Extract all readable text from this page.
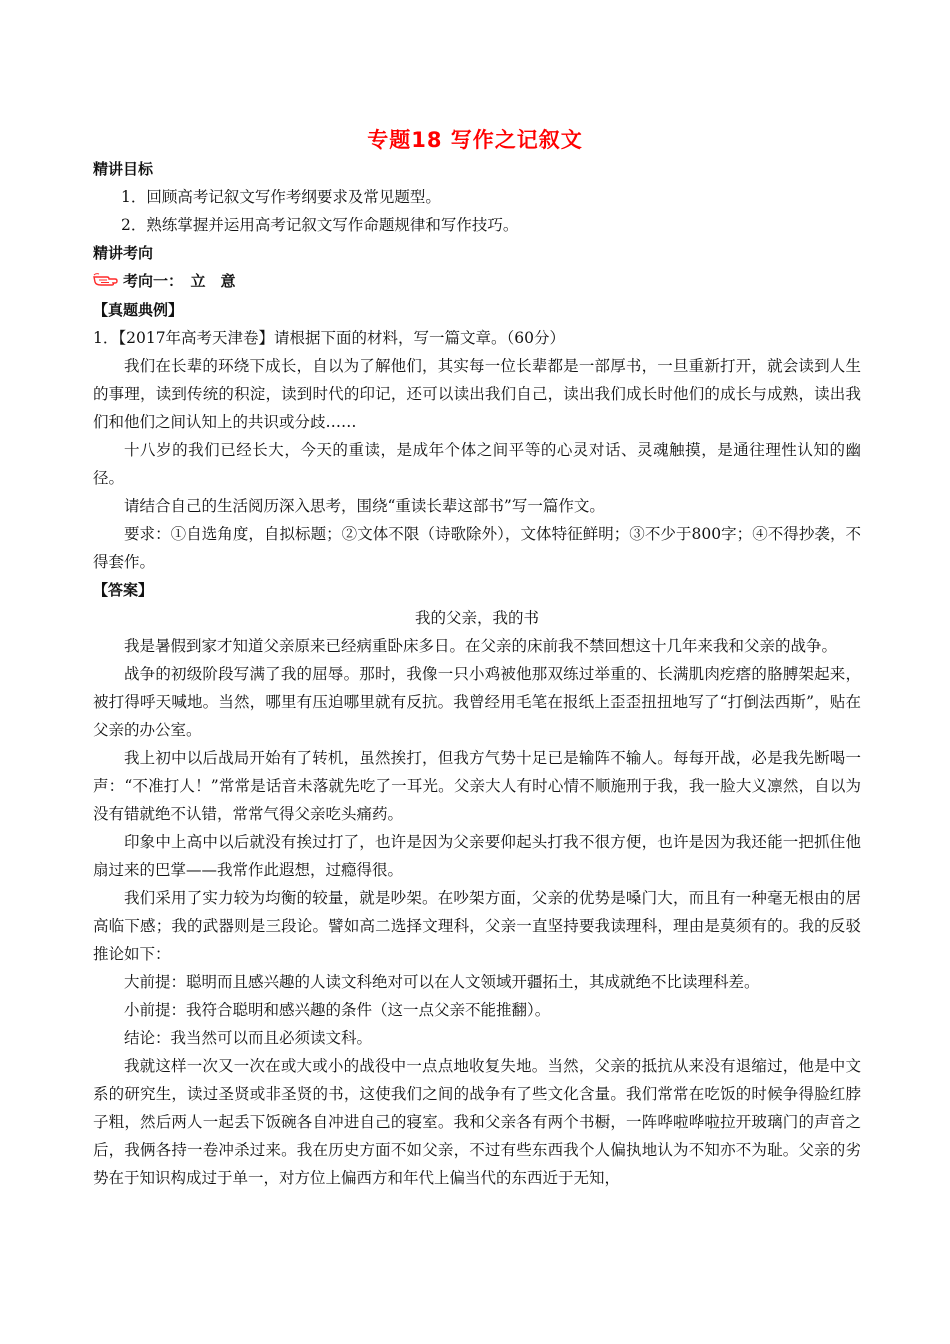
专题18 写作之记叙文
精讲目标
1．回顾高考记叙文写作考纲要求及常见题型。
2．熟练掌握并运用高考记叙文写作命题规律和写作技巧。
精讲考向
考向一：　立　意
【真题典例】
1．【2017年高考天津卷】请根据下面的材料，写一篇文章。（60分）

我们在长辈的环绕下成长，自以为了解他们，其实每一位长辈都是一部厚书，一旦重新打开，就会读到人生的事理，读到传统的积淀，读到时代的印记，还可以读出我们自己，读出我们成长时他们的成长与成熟，读出我们和他们之间认知上的共识或分歧……

十八岁的我们已经长大，今天的重读，是成年个体之间平等的心灵对话、灵魂触摸，是通往理性认知的幽径。

请结合自己的生活阅历深入思考，围绕“重读长辈这部书”写一篇作文。

要求：①自选角度，自拟标题；②文体不限（诗歌除外），文体特征鲜明；③不少于800字；④不得抄袭，不得套作。

【答案】
我的父亲，我的书

我是暑假到家才知道父亲原来已经病重卧床多日。在父亲的床前我不禁回想这十几年来我和父亲的战争。

战争的初级阶段写满了我的屈辱。那时，我像一只小鸡被他那双练过举重的、长满肌肉疙瘩的胳膊架起来，被打得呼天喊地。当然，哪里有压迫哪里就有反抗。我曾经用毛笔在报纸上歪歪扭扭地写了“打倒法西斯”，贴在父亲的办公室。

我上初中以后战局开始有了转机，虽然挨打，但我方气势十足已是输阵不输人。每每开战，必是我先断喝一声：“不准打人！”常常是话音未落就先吃了一耳光。父亲大人有时心情不顺施刑于我，我一脸大义凛然，自以为没有错就绝不认错，常常气得父亲吃头痛药。

印象中上高中以后就没有挨过打了，也许是因为父亲要仰起头打我不很方便，也许是因为我还能一把抓住他扇过来的巴掌——我常作此遐想，过瘾得很。

我们采用了实力较为均衡的较量，就是吵架。在吵架方面，父亲的优势是嗓门大，而且有一种毫无根由的居高临下感；我的武器则是三段论。譬如高二选择文理科，父亲一直坚持要我读理科，理由是莫须有的。我的反驳推论如下：

大前提：聪明而且感兴趣的人读文科绝对可以在人文领域开疆拓土，其成就绝不比读理科差。

小前提：我符合聪明和感兴趣的条件（这一点父亲不能推翻）。

结论：我当然可以而且必须读文科。

我就这样一次又一次在或大或小的战役中一点点地收复失地。当然，父亲的抵抗从来没有退缩过，他是中文系的研究生，读过圣贤或非圣贤的书，这使我们之间的战争有了些文化含量。我们常常在吃饭的时候争得脸红脖子粗，然后两人一起丢下饭碗各自冲进自己的寝室。我和父亲各有两个书橱，一阵哗啦哗啦拉开玻璃门的声音之后，我俩各持一卷冲杀过来。我在历史方面不如父亲，不过有些东西我个人偏执地认为不知亦不为耻。父亲的劣势在于知识构成过于单一，对方位上偏西方和年代上偏当代的东西近于无知，
